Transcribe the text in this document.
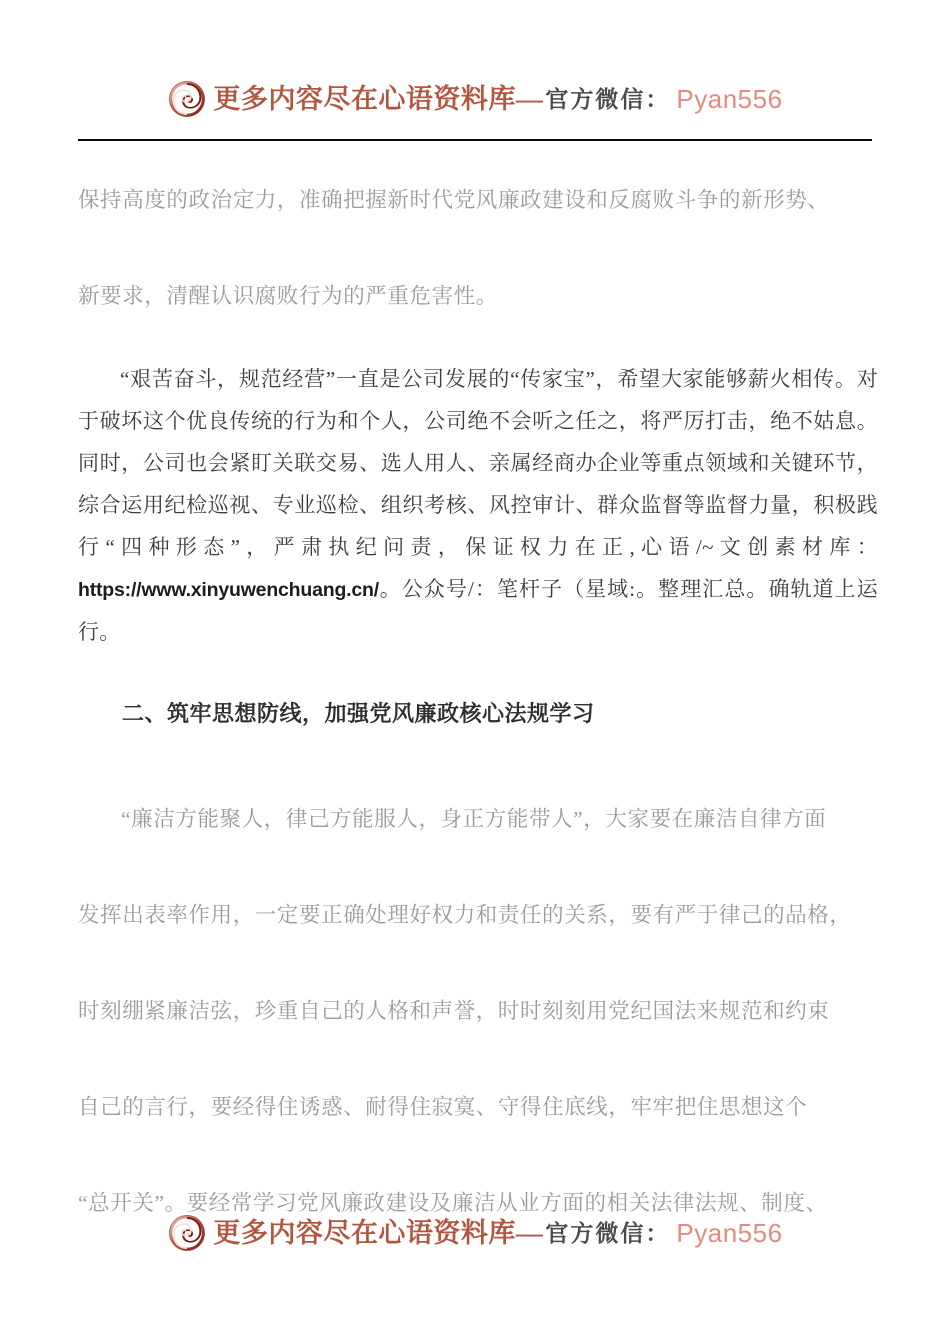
更多内容尽在心语资料库— 官方微信： Pyan556

保持高度的政治定力，准确把握新时代党风廉政建设和反腐败斗争的新形势、
新要求，清醒认识腐败行为的严重危害性。

“艰苦奋斗，规范经营”一直是公司发展的“传家宝”，希望大家能够薪火相传。对于破坏这个优良传统的行为和个人，公司绝不会听之任之，将严厉打击，绝不姑息。同时，公司也会紧盯关联交易、选人用人、亲属经商办企业等重点领域和关键环节，综合运用纪检巡视、专业巡检、组织考核、风控审计、群众监督等监督力量，积极践行“四种形态”，严肃执纪问责，保证权力在正,心语/~文创素材库：https://www.xinyuwenchuang.cn/。公众号/：笔杆子（星域:。整理汇总。确轨道上运行。

二、筑牢思想防线，加强党风廉政核心法规学习

“廉洁方能聚人，律己方能服人，身正方能带人”，大家要在廉洁自律方面

发挥出表率作用，一定要正确处理好权力和责任的关系，要有严于律己的品格，
时刻绷紧廉洁弦，珍重自己的人格和声誉，时时刻刻用党纪国法来规范和约束
自己的言行，要经得住诱惑、耐得住寂寞、守得住底线，牢牢把住思想这个
“总开关”。要经常学习党风廉政建设及廉洁从业方面的相关法律法规、制度、

更多内容尽在心语资料库— 官方微信： Pyan556
